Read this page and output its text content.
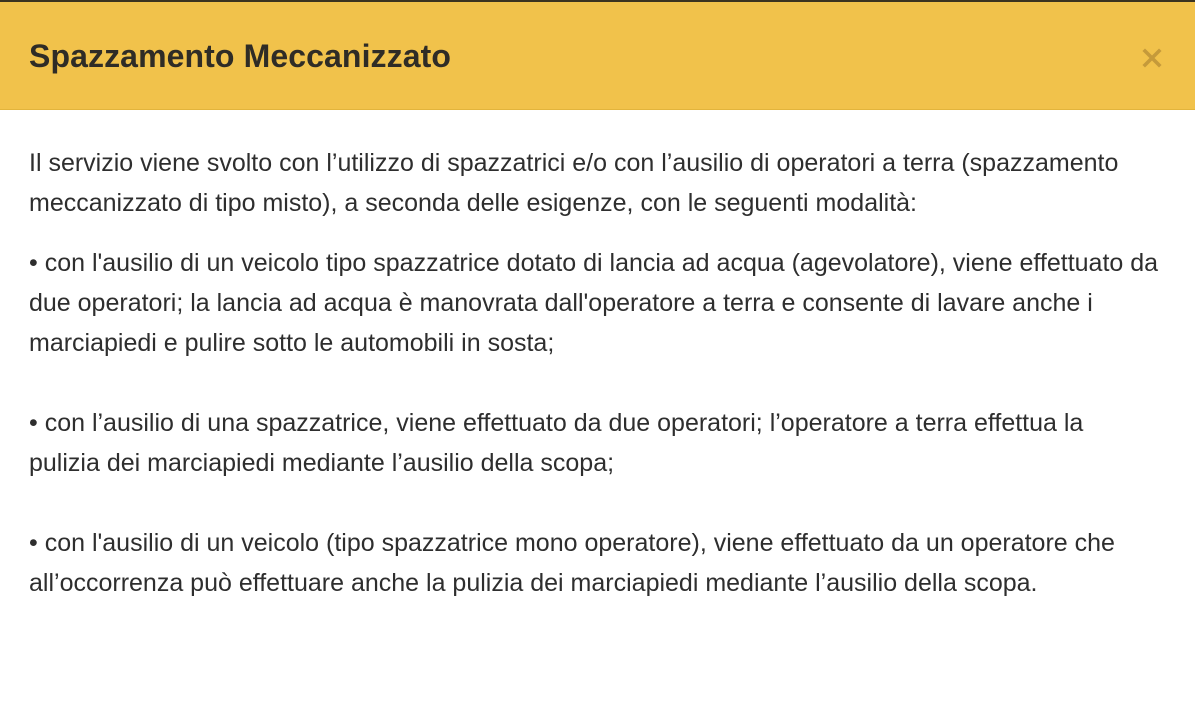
Spazzamento Meccanizzato

Il servizio viene svolto con l’utilizzo di spazzatrici e/o con l’ausilio di operatori a terra (spazzamento meccanizzato di tipo misto), a seconda delle esigenze, con le seguenti modalità:

• con l'ausilio di un veicolo tipo spazzatrice dotato di lancia ad acqua (agevolatore), viene effettuato da due operatori; la lancia ad acqua è manovrata dall'operatore a terra e consente di lavare anche i marciapiedi e pulire sotto le automobili in sosta;

• con l’ausilio di una spazzatrice, viene effettuato da due operatori; l’operatore a terra effettua la pulizia dei marciapiedi mediante l’ausilio della scopa;

• con l'ausilio di un veicolo (tipo spazzatrice mono operatore), viene effettuato da un operatore che all’occorrenza può effettuare anche la pulizia dei marciapiedi mediante l’ausilio della scopa.
